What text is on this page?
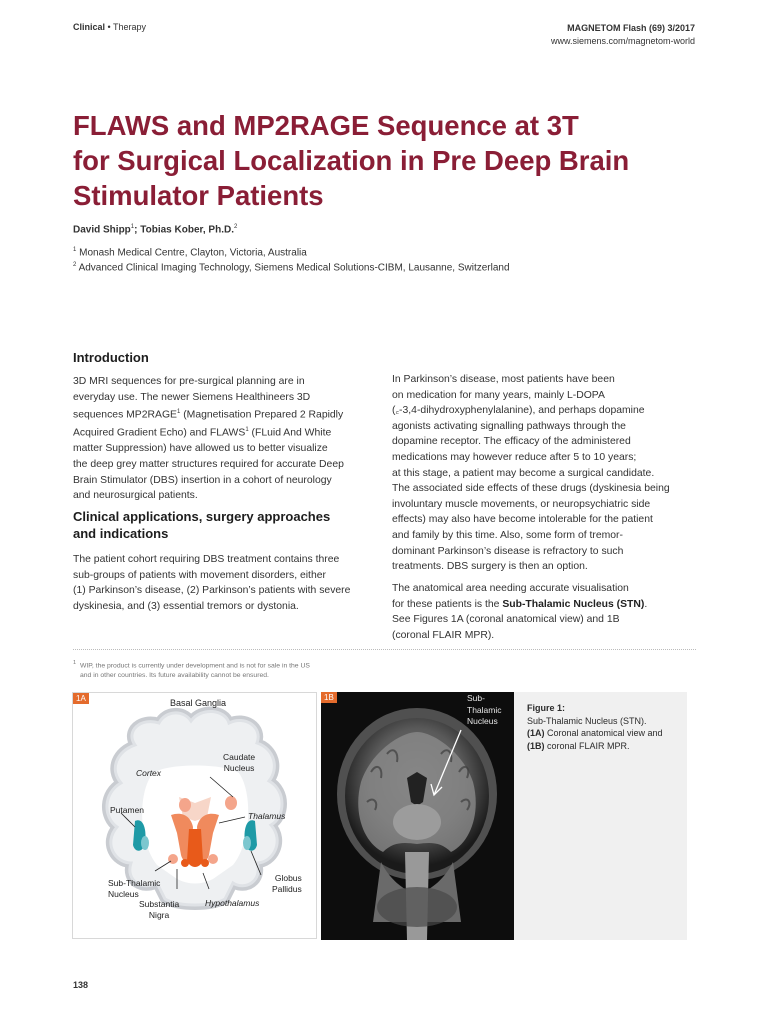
Clinical • Therapy	MAGNETOM Flash (69) 3/2017
www.siemens.com/magnetom-world
FLAWS and MP2RAGE Sequence at 3T
for Surgical Localization in Pre Deep Brain
Stimulator Patients
David Shipp$^1$; Tobias Kober, Ph.D.$^2$
$^1$ Monash Medical Centre, Clayton, Victoria, Australia
$^2$ Advanced Clinical Imaging Technology, Siemens Medical Solutions-CIBM, Lausanne, Switzerland
Introduction
3D MRI sequences for pre-surgical planning are in
everyday use. The newer Siemens Healthineers 3D
sequences MP2RAGE$^1$ (Magnetisation Prepared 2 Rapidly
Acquired Gradient Echo) and FLAWS$^1$ (FLuid And White
matter Suppression) have allowed us to better visualize
the deep grey matter structures required for accurate Deep
Brain Stimulator (DBS) insertion in a cohort of neurology
and neurosurgical patients.
Clinical applications, surgery approaches
and indications
The patient cohort requiring DBS treatment contains three
sub-groups of patients with movement disorders, either
(1) Parkinson’s disease, (2) Parkinson’s patients with severe
dyskinesia, and (3) essential tremors or dystonia.
In Parkinson’s disease, most patients have been
on medication for many years, mainly L-DOPA
(꜀-3,4-dihydroxyphenylalanine), and perhaps dopamine
agonists activating signalling pathways through the
dopamine receptor. The efficacy of the administered
medications may however reduce after 5 to 10 years;
at this stage, a patient may become a surgical candidate.
The associated side effects of these drugs (dyskinesia being
involuntary muscle movements, or neuropsychiatric side
effects) may also have become intolerable for the patient
and family by this time. Also, some form of tremor-
dominant Parkinson’s disease is refractory to such
treatments. DBS surgery is then an option.
The anatomical area needing accurate visualisation
for these patients is the Sub-Thalamic Nucleus (STN).
See Figures 1A (coronal anatomical view) and 1B
(coronal FLAIR MPR).
$^1$ WIP, the product is currently under development and is not for sale in the US
and in other countries. Its future availability cannot be ensured.
1A	Basal Ganglia
Cortex
Caudate
Nucleus
Putamen
Thalamus
Sub-Thalamic
Nucleus
Substantia
Nigra
Hypothalamus
Globus
Pallidus
1B	Sub-
Thalamic
Nucleus
Figure 1:
Sub-Thalamic Nucleus (STN).
(1A) Coronal anatomical view and
(1B) coronal FLAIR MPR.
138
